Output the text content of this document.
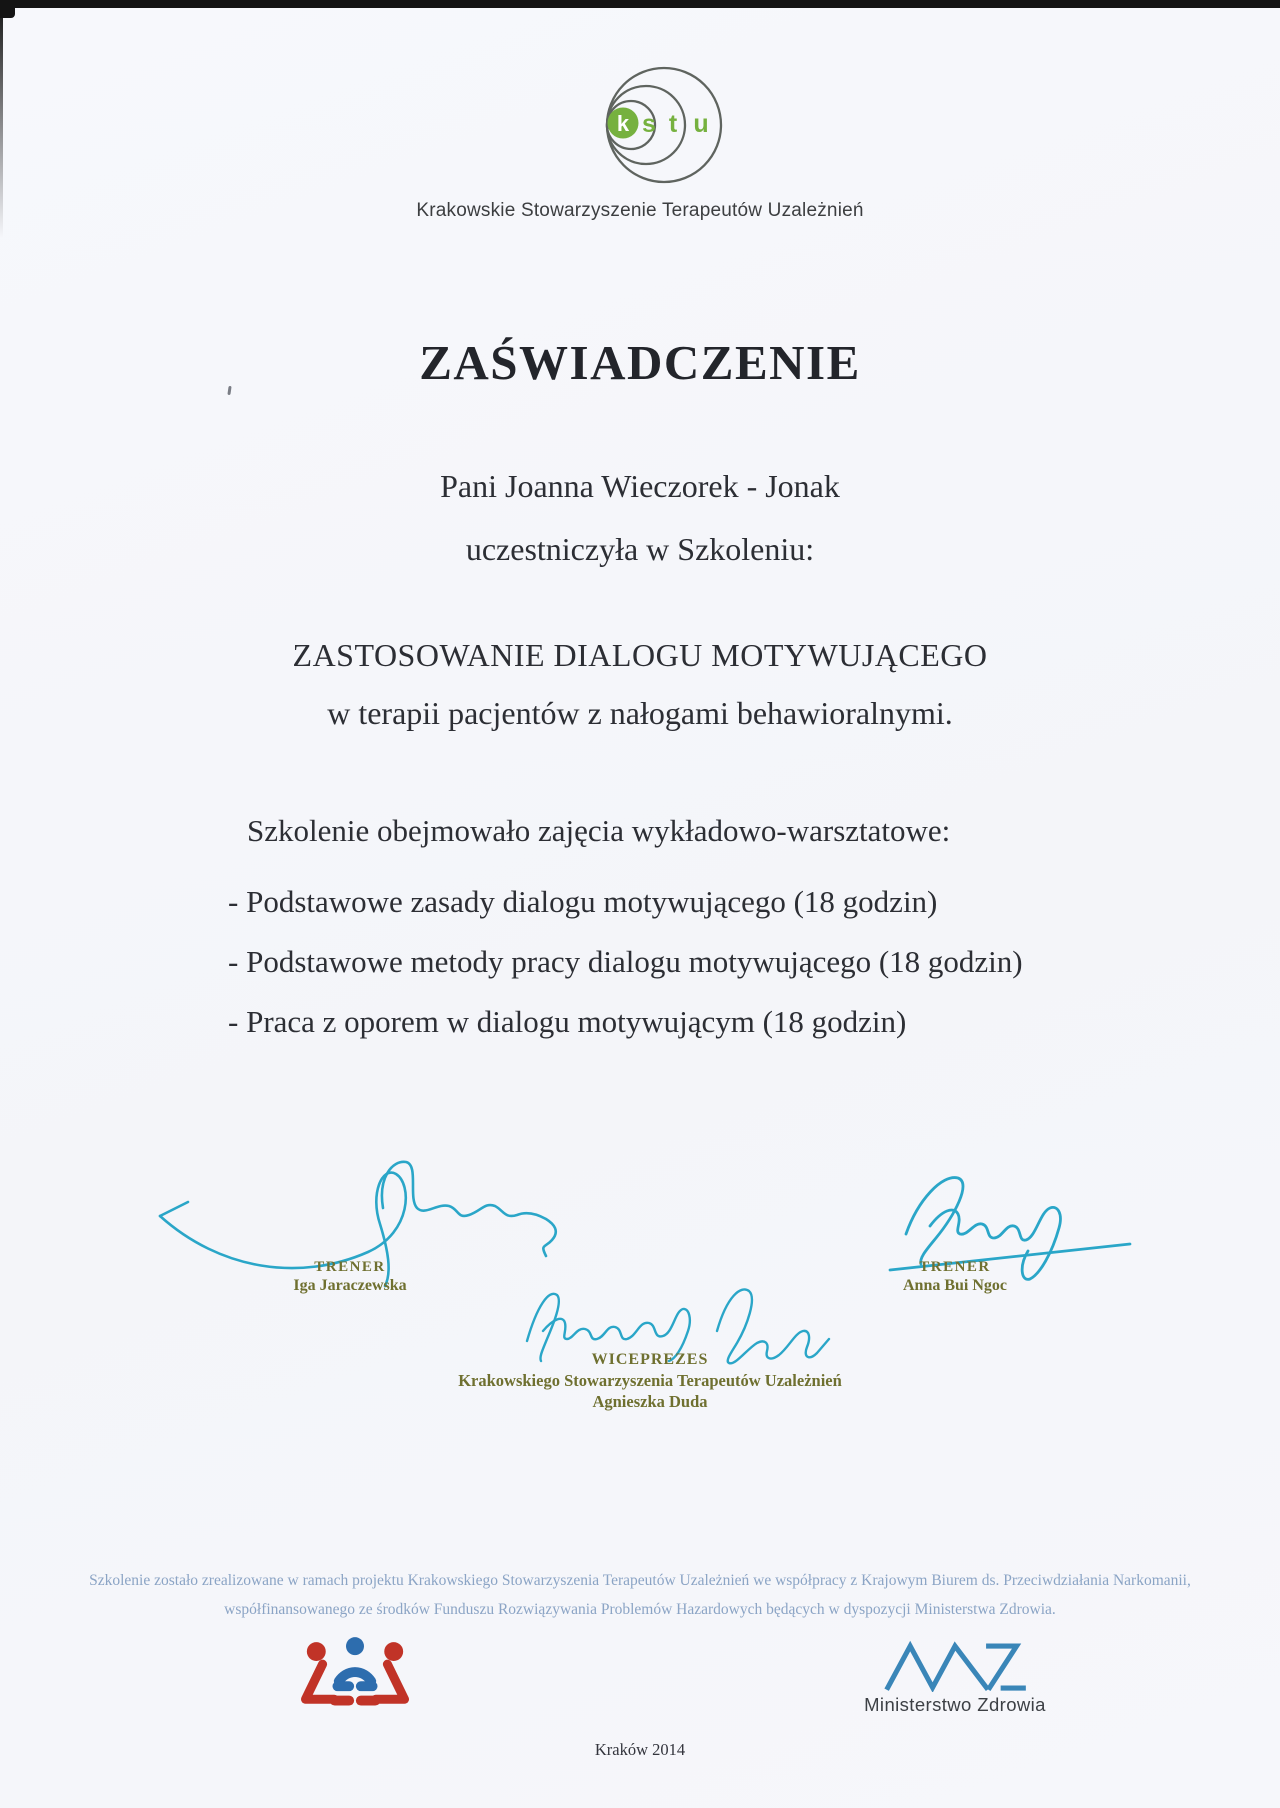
k s t u
Krakowskie Stowarzyszenie Terapeutów Uzależnień
ZAŚWIADCZENIE
Pani Joanna Wieczorek - Jonak
uczestniczyła w Szkoleniu:
ZASTOSOWANIE DIALOGU MOTYWUJĄCEGO
w terapii pacjentów z nałogami behawioralnymi.
Szkolenie obejmowało zajęcia wykładowo-warsztatowe:
- Podstawowe zasady dialogu motywującego (18 godzin)
- Podstawowe metody pracy dialogu motywującego (18 godzin)
- Praca z oporem w dialogu motywującym (18 godzin)
TRENER
Iga Jaraczewska
TRENER
Anna Bui Ngoc
WICEPREZES
Krakowskiego Stowarzyszenia Terapeutów Uzależnień
Agnieszka Duda
Szkolenie zostało zrealizowane w ramach projektu Krakowskiego Stowarzyszenia Terapeutów Uzależnień we współpracy z Krajowym Biurem ds. Przeciwdziałania Narkomanii,
współfinansowanego ze środków Funduszu Rozwiązywania Problemów Hazardowych będących w dyspozycji Ministerstwa Zdrowia.
Ministerstwo Zdrowia
Kraków 2014
